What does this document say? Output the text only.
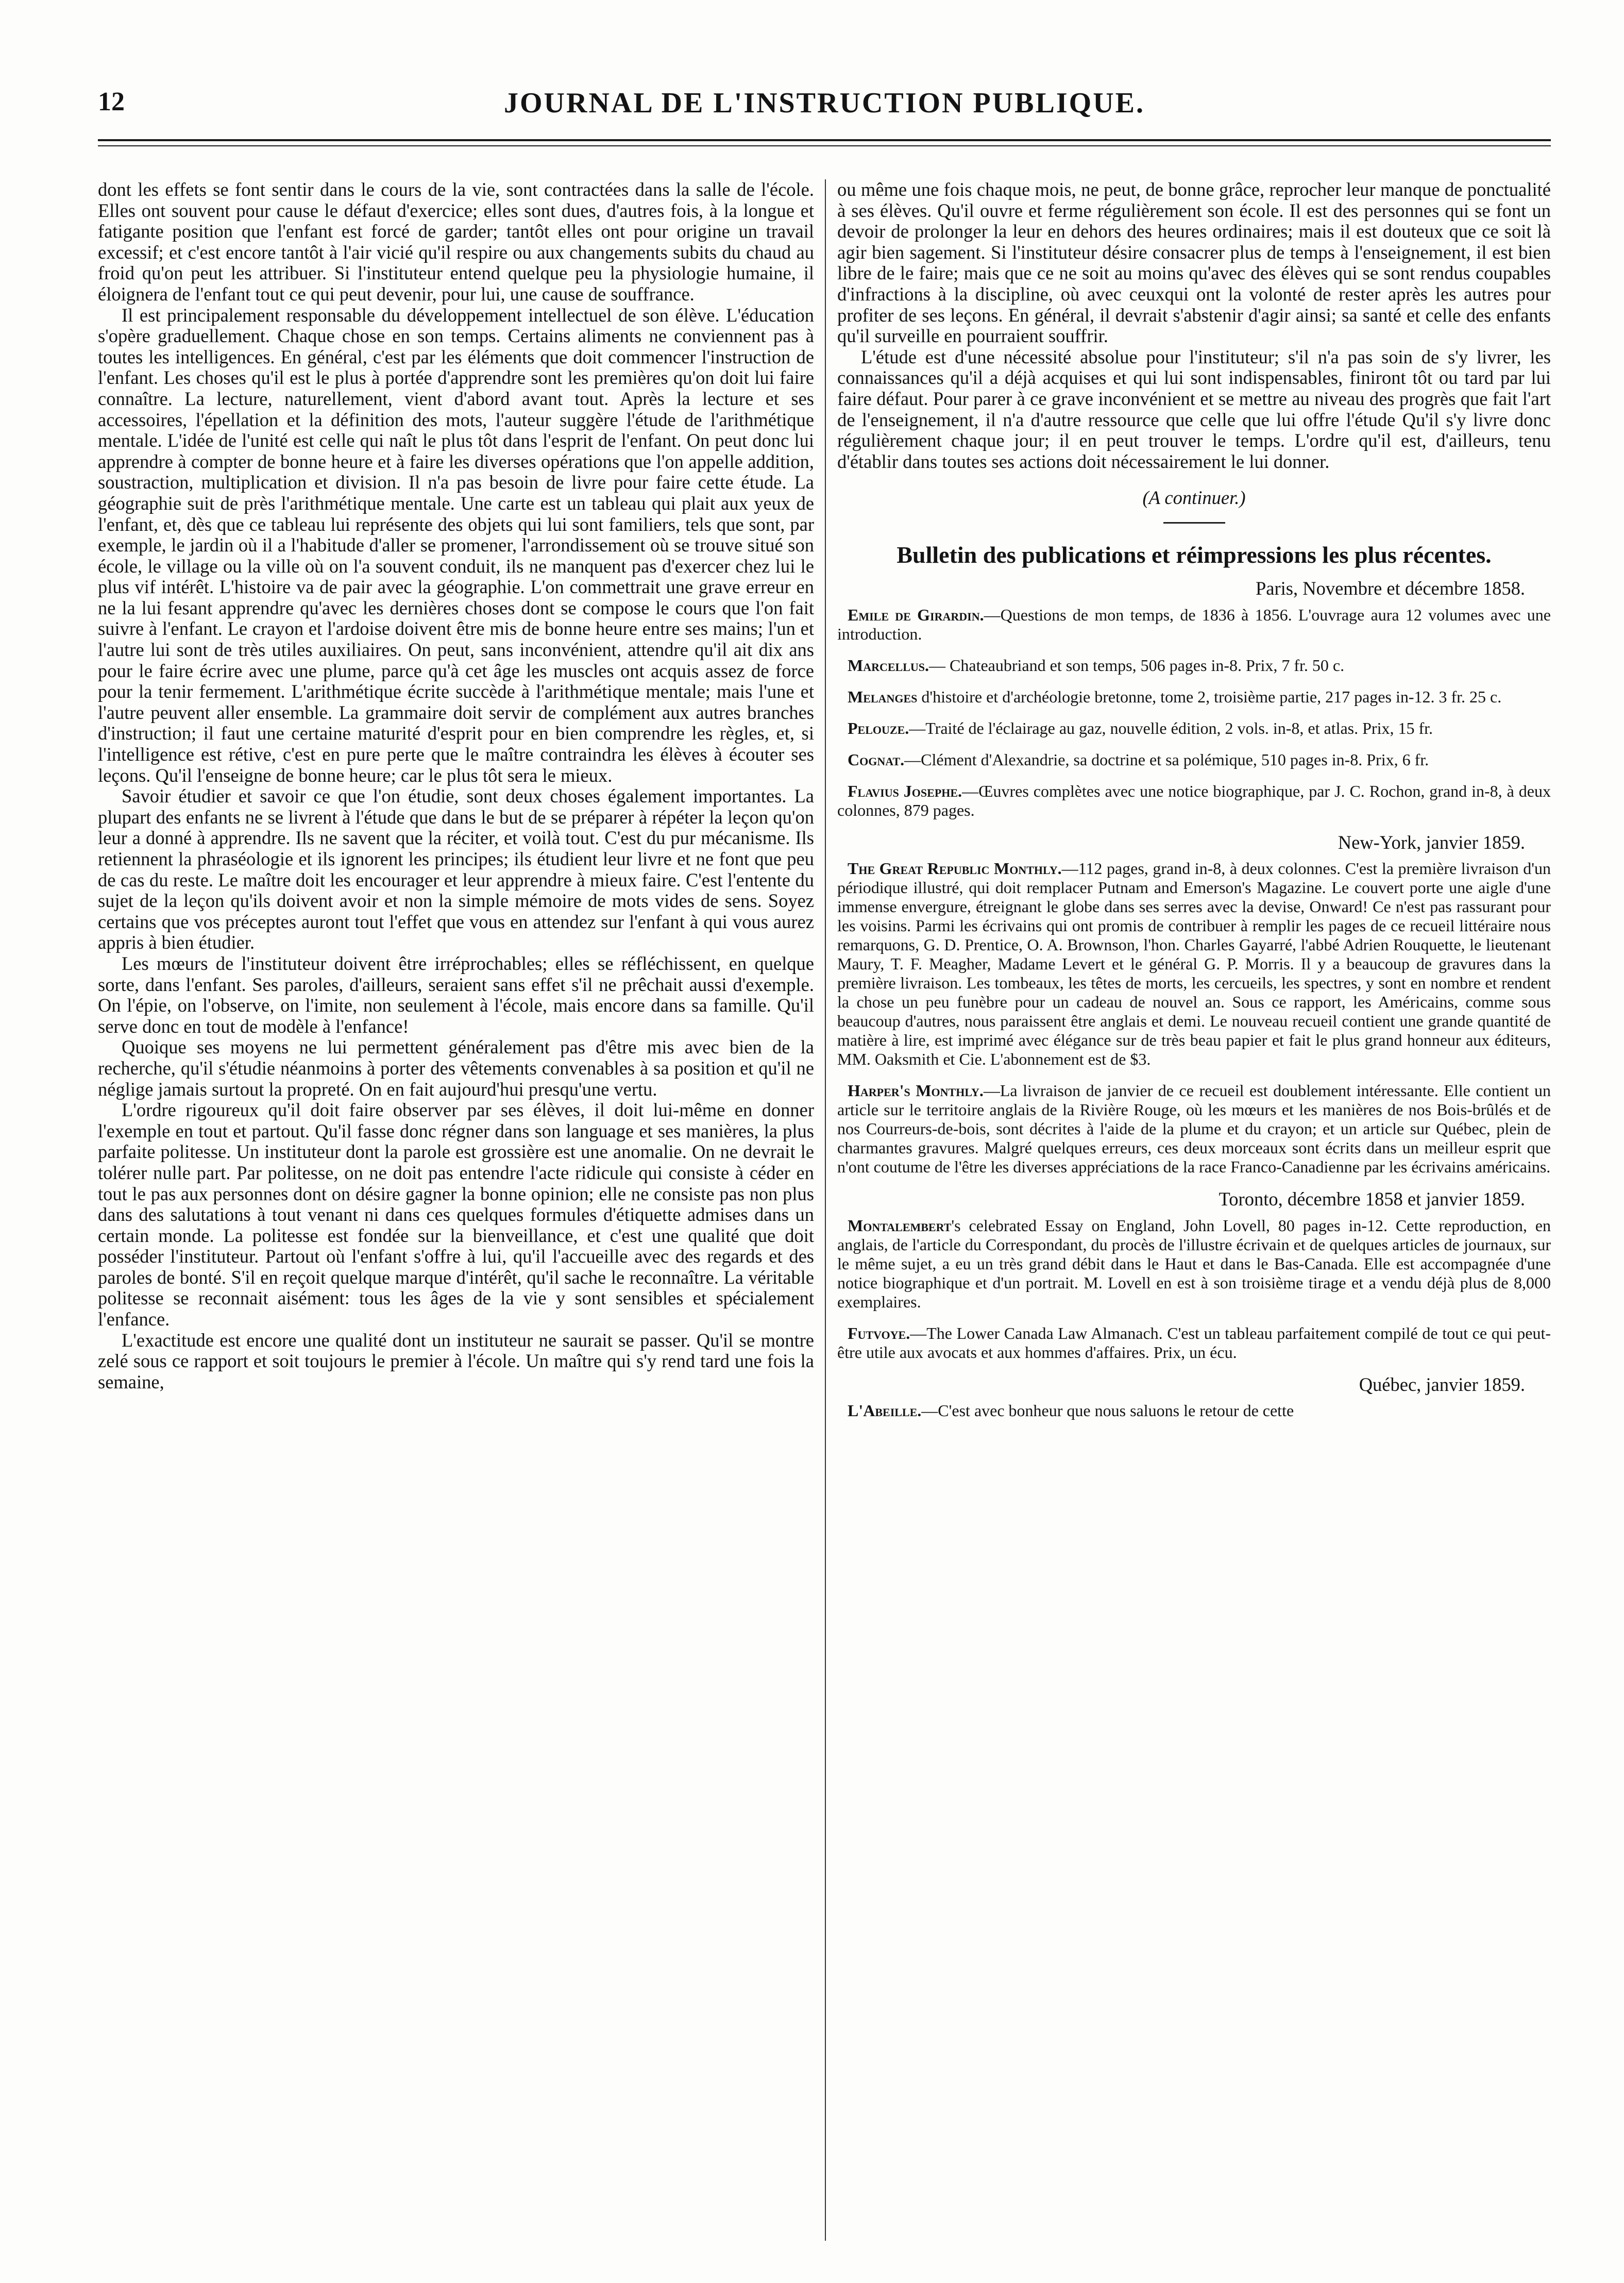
12	JOURNAL DE L'INSTRUCTION PUBLIQUE.

dont les effets se font sentir dans le cours de la vie, sont contractées dans la salle de l'école. Elles ont souvent pour cause le défaut d'exercice; elles sont dues, d'autres fois, à la longue et fatigante position que l'enfant est forcé de garder; tantôt elles ont pour origine un travail excessif; et c'est encore tantôt à l'air vicié qu'il respire ou aux changements subits du chaud au froid qu'on peut les attribuer. Si l'instituteur entend quelque peu la physiologie humaine, il éloignera de l'enfant tout ce qui peut devenir, pour lui, une cause de souffrance.

Il est principalement responsable du développement intellectuel de son élève. L'éducation s'opère graduellement. Chaque chose en son temps. Certains aliments ne conviennent pas à toutes les intelligences. En général, c'est par les éléments que doit commencer l'instruction de l'enfant. Les choses qu'il est le plus à portée d'apprendre sont les premières qu'on doit lui faire connaître. La lecture, naturellement, vient d'abord avant tout. Après la lecture et ses accessoires, l'épellation et la définition des mots, l'auteur suggère l'étude de l'arithmétique mentale. L'idée de l'unité est celle qui naît le plus tôt dans l'esprit de l'enfant. On peut donc lui apprendre à compter de bonne heure et à faire les diverses opérations que l'on appelle addition, soustraction, multiplication et division. Il n'a pas besoin de livre pour faire cette étude. La géographie suit de près l'arithmétique mentale. Une carte est un tableau qui plait aux yeux de l'enfant, et, dès que ce tableau lui représente des objets qui lui sont familiers, tels que sont, par exemple, le jardin où il a l'habitude d'aller se promener, l'arrondissement où se trouve situé son école, le village ou la ville où on l'a souvent conduit, ils ne manquent pas d'exercer chez lui le plus vif intérêt. L'histoire va de pair avec la géographie. L'on commettrait une grave erreur en ne la lui fesant apprendre qu'avec les dernières choses dont se compose le cours que l'on fait suivre à l'enfant. Le crayon et l'ardoise doivent être mis de bonne heure entre ses mains; l'un et l'autre lui sont de très utiles auxiliaires. On peut, sans inconvénient, attendre qu'il ait dix ans pour le faire écrire avec une plume, parce qu'à cet âge les muscles ont acquis assez de force pour la tenir fermement. L'arithmétique écrite succède à l'arithmétique mentale; mais l'une et l'autre peuvent aller ensemble. La grammaire doit servir de complément aux autres branches d'instruction; il faut une certaine maturité d'esprit pour en bien comprendre les règles, et, si l'intelligence est rétive, c'est en pure perte que le maître contraindra les élèves à écouter ses leçons. Qu'il l'enseigne de bonne heure; car le plus tôt sera le mieux.

Savoir étudier et savoir ce que l'on étudie, sont deux choses également importantes. La plupart des enfants ne se livrent à l'étude que dans le but de se préparer à répéter la leçon qu'on leur a donné à apprendre. Ils ne savent que la réciter, et voilà tout. C'est du pur mécanisme. Ils retiennent la phraséologie et ils ignorent les principes; ils étudient leur livre et ne font que peu de cas du reste. Le maître doit les encourager et leur apprendre à mieux faire. C'est l'entente du sujet de la leçon qu'ils doivent avoir et non la simple mémoire de mots vides de sens. Soyez certains que vos préceptes auront tout l'effet que vous en attendez sur l'enfant à qui vous aurez appris à bien étudier.

Les mœurs de l'instituteur doivent être irréprochables; elles se réfléchissent, en quelque sorte, dans l'enfant. Ses paroles, d'ailleurs, seraient sans effet s'il ne prêchait aussi d'exemple. On l'épie, on l'observe, on l'imite, non seulement à l'école, mais encore dans sa famille. Qu'il serve donc en tout de modèle à l'enfance!

Quoique ses moyens ne lui permettent généralement pas d'être mis avec bien de la recherche, qu'il s'étudie néanmoins à porter des vêtements convenables à sa position et qu'il ne néglige jamais surtout la propreté. On en fait aujourd'hui presqu'une vertu.

L'ordre rigoureux qu'il doit faire observer par ses élèves, il doit lui-même en donner l'exemple en tout et partout. Qu'il fasse donc régner dans son language et ses manières, la plus parfaite politesse. Un instituteur dont la parole est grossière est une anomalie. On ne devrait le tolérer nulle part. Par politesse, on ne doit pas entendre l'acte ridicule qui consiste à céder en tout le pas aux personnes dont on désire gagner la bonne opinion; elle ne consiste pas non plus dans des salutations à tout venant ni dans ces quelques formules d'étiquette admises dans un certain monde. La politesse est fondée sur la bienveillance, et c'est une qualité que doit posséder l'instituteur. Partout où l'enfant s'offre à lui, qu'il l'accueille avec des regards et des paroles de bonté. S'il en reçoit quelque marque d'intérêt, qu'il sache le reconnaître. La véritable politesse se reconnait aisément: tous les âges de la vie y sont sensibles et spécialement l'enfance.

L'exactitude est encore une qualité dont un instituteur ne saurait se passer. Qu'il se montre zelé sous ce rapport et soit toujours le premier à l'école. Un maître qui s'y rend tard une fois la semaine,

ou même une fois chaque mois, ne peut, de bonne grâce, reprocher leur manque de ponctualité à ses élèves. Qu'il ouvre et ferme régulièrement son école. Il est des personnes qui se font un devoir de prolonger la leur en dehors des heures ordinaires; mais il est douteux que ce soit là agir bien sagement. Si l'instituteur désire consacrer plus de temps à l'enseignement, il est bien libre de le faire; mais que ce ne soit au moins qu'avec des élèves qui se sont rendus coupables d'infractions à la discipline, où avec ceuxqui ont la volonté de rester après les autres pour profiter de ses leçons. En général, il devrait s'abstenir d'agir ainsi; sa santé et celle des enfants qu'il surveille en pourraient souffrir.

L'étude est d'une nécessité absolue pour l'instituteur; s'il n'a pas soin de s'y livrer, les connaissances qu'il a déjà acquises et qui lui sont indispensables, finiront tôt ou tard par lui faire défaut. Pour parer à ce grave inconvénient et se mettre au niveau des progrès que fait l'art de l'enseignement, il n'a d'autre ressource que celle que lui offre l'étude Qu'il s'y livre donc régulièrement chaque jour; il en peut trouver le temps. L'ordre qu'il est, d'ailleurs, tenu d'établir dans toutes ses actions doit nécessairement le lui donner.

(A continuer.)

Bulletin des publications et réimpressions les plus récentes.

Paris, Novembre et décembre 1858.

Emile de Girardin.—Questions de mon temps, de 1836 à 1856. L'ouvrage aura 12 volumes avec une introduction.
Marcellus.— Chateaubriand et son temps, 506 pages in-8. Prix, 7 fr. 50 c.
Melanges d'histoire et d'archéologie bretonne, tome 2, troisième partie, 217 pages in-12. 3 fr. 25 c.
Pelouze.—Traité de l'éclairage au gaz, nouvelle édition, 2 vols. in-8, et atlas. Prix, 15 fr.
Cognat.—Clément d'Alexandrie, sa doctrine et sa polémique, 510 pages in-8. Prix, 6 fr.
Flavius Josephe.—Œuvres complètes avec une notice biographique, par J. C. Rochon, grand in-8, à deux colonnes, 879 pages.

New-York, janvier 1859.

The Great Republic Monthly.—112 pages, grand in-8, à deux colonnes. C'est la première livraison d'un périodique illustré, qui doit remplacer Putnam and Emerson's Magazine. Le couvert porte une aigle d'une immense envergure, étreignant le globe dans ses serres avec la devise, Onward! Ce n'est pas rassurant pour les voisins. Parmi les écrivains qui ont promis de contribuer à remplir les pages de ce recueil littéraire nous remarquons, G. D. Prentice, O. A. Brownson, l'hon. Charles Gayarré, l'abbé Adrien Rouquette, le lieutenant Maury, T. F. Meagher, Madame Levert et le général G. P. Morris. Il y a beaucoup de gravures dans la première livraison. Les tombeaux, les têtes de morts, les cercueils, les spectres, y sont en nombre et rendent la chose un peu funèbre pour un cadeau de nouvel an. Sous ce rapport, les Américains, comme sous beaucoup d'autres, nous paraissent être anglais et demi. Le nouveau recueil contient une grande quantité de matière à lire, est imprimé avec élégance sur de très beau papier et fait le plus grand honneur aux éditeurs, MM. Oaksmith et Cie. L'abonnement est de $3.
Harper's Monthly.—La livraison de janvier de ce recueil est doublement intéressante. Elle contient un article sur le territoire anglais de la Rivière Rouge, où les mœurs et les manières de nos Bois-brûlés et de nos Courreurs-de-bois, sont décrites à l'aide de la plume et du crayon; et un article sur Québec, plein de charmantes gravures. Malgré quelques erreurs, ces deux morceaux sont écrits dans un meilleur esprit que n'ont coutume de l'être les diverses appréciations de la race Franco-Canadienne par les écrivains américains.

Toronto, décembre 1858 et janvier 1859.

Montalembert's celebrated Essay on England, John Lovell, 80 pages in-12. Cette reproduction, en anglais, de l'article du Correspondant, du procès de l'illustre écrivain et de quelques articles de journaux, sur le même sujet, a eu un très grand débit dans le Haut et dans le Bas-Canada. Elle est accompagnée d'une notice biographique et d'un portrait. M. Lovell en est à son troisième tirage et a vendu déjà plus de 8,000 exemplaires.
Futvoye.—The Lower Canada Law Almanach. C'est un tableau parfaitement compilé de tout ce qui peut-être utile aux avocats et aux hommes d'affaires. Prix, un écu.

Québec, janvier 1859.

L'Abeille.—C'est avec bonheur que nous saluons le retour de cette
